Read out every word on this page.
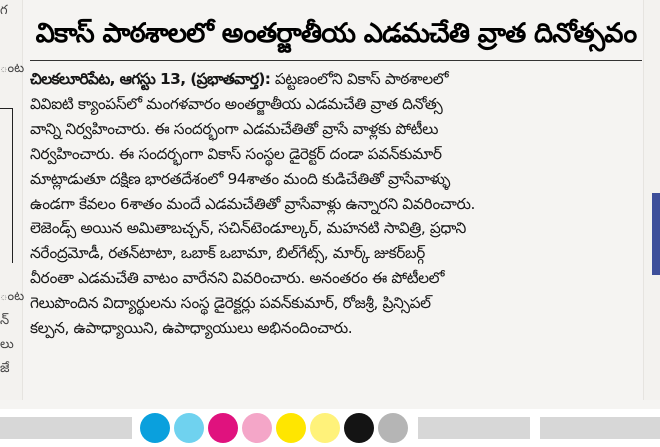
గ
ంట
ంట
న్
లు
జే
వికాస్ పాఠశాలలో అంతర్జాతీయ ఎడమచేతి వ్రాత దినోత్సవం
చిలకలూరిపేట, ఆగస్టు 13, (ప్రభాతవార్త): పట్టణంలోని వికాస్ పాఠశాలలో
వివిఐటి క్యాంపస్‌లో మంగళవారం అంతర్జాతీయ ఎడమచేతి వ్రాత దినోత్స
వాన్ని నిర్వహించారు. ఈ సందర్భంగా ఎడమచేతితో వ్రాసే వాళ్లకు పోటీలు
నిర్వహించారు. ఈ సందర్భంగా వికాస్ సంస్థల డైరెక్టర్ దండా పవన్‌కుమార్
మాట్లాడుతూ దక్షిణ భారతదేశంలో 94శాతం మంది కుడిచేతితో వ్రాసేవాళ్ళు
ఉండగా కేవలం 6శాతం మందే ఎడమచేతితో వ్రాసేవాళ్లు ఉన్నారని వివరించారు.
లెజెండ్స్ అయిన అమితాబచ్చన్, సచిన్‌టెండూల్కర్, మహనటి సావిత్రి, ప్రధాని
నరేంద్రమోడీ, రతన్‌టాటా, ఒబాక్ ఒబామా, బిల్‌గేట్స్, మార్క్ జుకర్‌బర్గ్
వీరంతా ఎడమచేతి వాటం వారేనని వివరించారు. అనంతరం ఈ పోటీలలో
గెలుపొందిన విద్యార్థులను సంస్థ డైరెక్టర్లు పవన్‌కుమార్, రోజశ్రీ, ప్రిన్సిపల్
కల్పన, ఉపాధ్యాయిని, ఉపాధ్యాయులు అభినందించారు.
